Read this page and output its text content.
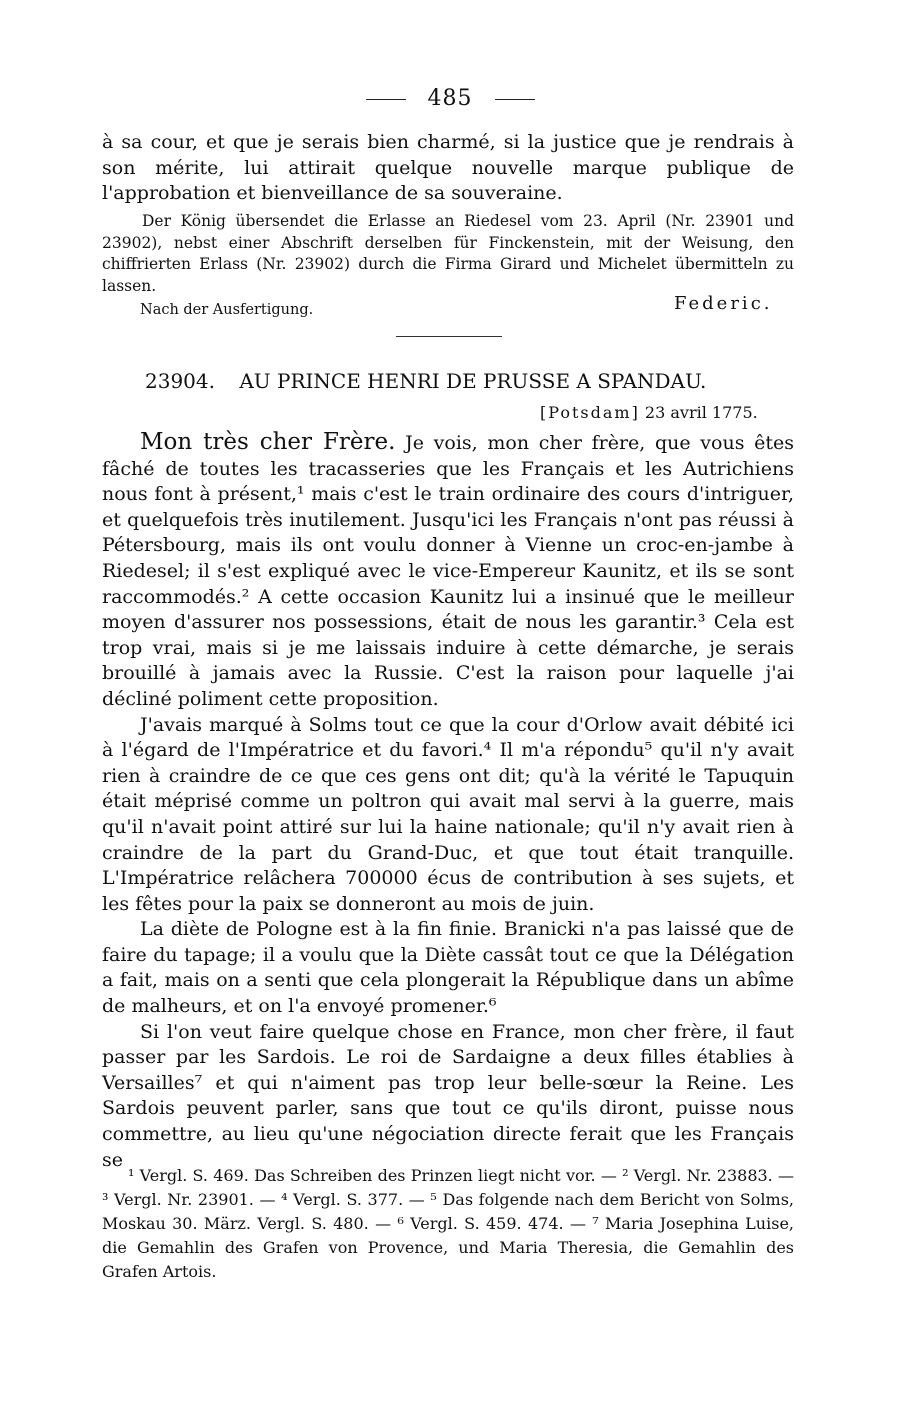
485

à sa cour, et que je serais bien charmé, si la justice que je rendrais à son mérite, lui attirait quelque nouvelle marque publique de l'approbation et bienveillance de sa souveraine.

Der König übersendet die Erlasse an Riedesel vom 23. April (Nr. 23901 und 23902), nebst einer Abschrift derselben für Finckenstein, mit der Weisung, den chiffrierten Erlass (Nr. 23902) durch die Firma Girard und Michelet übermitteln zu lassen.

Nach der Ausfertigung.	Federic.
23904. AU PRINCE HENRI DE PRUSSE A SPANDAU.
[Potsdam] 23 avril 1775.

Mon très cher Frère. Je vois, mon cher frère, que vous êtes fâché de toutes les tracasseries que les Français et les Autrichiens nous font à présent,¹ mais c'est le train ordinaire des cours d'intriguer, et quelquefois très inutilement. Jusqu'ici les Français n'ont pas réussi à Pétersbourg, mais ils ont voulu donner à Vienne un croc-en-jambe à Riedesel; il s'est expliqué avec le vice-Empereur Kaunitz, et ils se sont raccommodés.² A cette occasion Kaunitz lui a insinué que le meilleur moyen d'assurer nos possessions, était de nous les garantir.³ Cela est trop vrai, mais si je me laissais induire à cette démarche, je serais brouillé à jamais avec la Russie. C'est la raison pour laquelle j'ai décliné poliment cette proposition.

J'avais marqué à Solms tout ce que la cour d'Orlow avait débité ici à l'égard de l'Impératrice et du favori.⁴ Il m'a répondu⁵ qu'il n'y avait rien à craindre de ce que ces gens ont dit; qu'à la vérité le Tapuquin était méprisé comme un poltron qui avait mal servi à la guerre, mais qu'il n'avait point attiré sur lui la haine nationale; qu'il n'y avait rien à craindre de la part du Grand-Duc, et que tout était tranquille. L'Impératrice relâchera 700000 écus de contribution à ses sujets, et les fêtes pour la paix se donneront au mois de juin.

La diète de Pologne est à la fin finie. Branicki n'a pas laissé que de faire du tapage; il a voulu que la Diète cassât tout ce que la Délégation a fait, mais on a senti que cela plongerait la République dans un abîme de malheurs, et on l'a envoyé promener.⁶

Si l'on veut faire quelque chose en France, mon cher frère, il faut passer par les Sardois. Le roi de Sardaigne a deux filles établies à Versailles⁷ et qui n'aiment pas trop leur belle-sœur la Reine. Les Sardois peuvent parler, sans que tout ce qu'ils diront, puisse nous commettre, au lieu qu'une négociation directe ferait que les Français se

¹ Vergl. S. 469. Das Schreiben des Prinzen liegt nicht vor. — ² Vergl. Nr. 23883. — ³ Vergl. Nr. 23901. — ⁴ Vergl. S. 377. — ⁵ Das folgende nach dem Bericht von Solms, Moskau 30. März. Vergl. S. 480. — ⁶ Vergl. S. 459. 474. — ⁷ Maria Josephina Luise, die Gemahlin des Grafen von Provence, und Maria Theresia, die Gemahlin des Grafen Artois.
